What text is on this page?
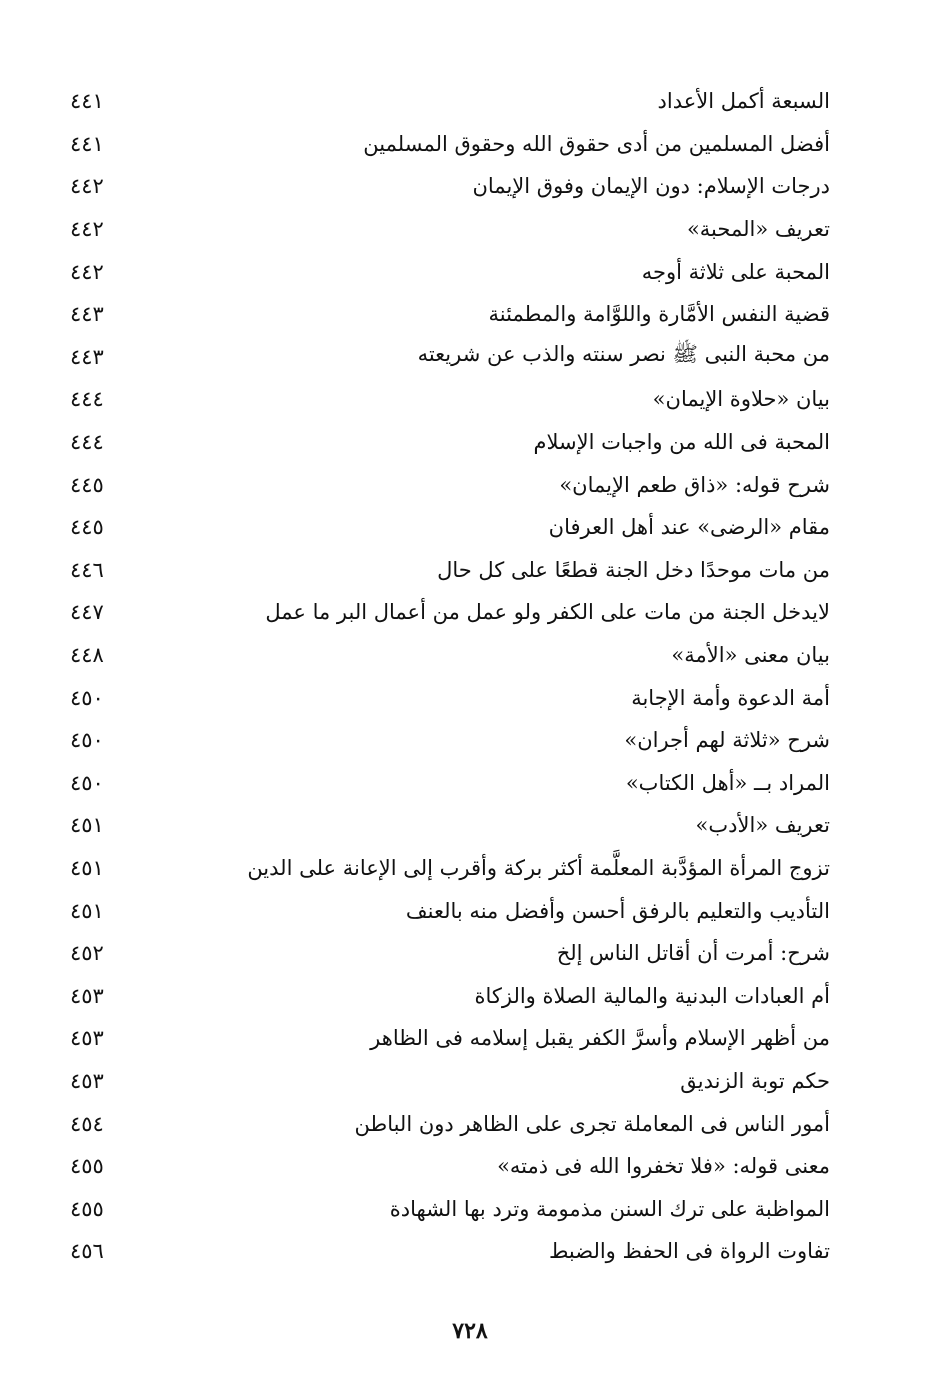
السبعة أكمل الأعداد
٤٤١
أفضل المسلمين من أدى حقوق الله وحقوق المسلمين
٤٤١
درجات الإسلام: دون الإيمان وفوق الإيمان
٤٤٢
تعريف «المحبة»
٤٤٢
المحبة على ثلاثة أوجه
٤٤٢
قضية النفس الأمَّارة واللوَّامة والمطمئنة
٤٤٣
من محبة النبى ﷺ نصر سنته والذب عن شريعته
٤٤٣
بيان «حلاوة الإيمان»
٤٤٤
المحبة فى الله من واجبات الإسلام
٤٤٤
شرح قوله: «ذاق طعم الإيمان»
٤٤٥
مقام «الرضى» عند أهل العرفان
٤٤٥
من مات موحدًا دخل الجنة قطعًا على كل حال
٤٤٦
لايدخل الجنة من مات على الكفر ولو عمل من أعمال البر ما عمل
٤٤٧
بيان معنى «الأمة»
٤٤٨
أمة الدعوة وأمة الإجابة
٤٥٠
شرح «ثلاثة لهم أجران»
٤٥٠
المراد بــ «أهل الكتاب»
٤٥٠
تعريف «الأدب»
٤٥١
تزوج المرأة المؤدَّبة المعلَّمة أكثر بركة وأقرب إلى الإعانة على الدين
٤٥١
التأديب والتعليم بالرفق أحسن وأفضل منه بالعنف
٤٥١
شرح: أمرت أن أقاتل الناس إلخ
٤٥٢
أم العبادات البدنية والمالية الصلاة والزكاة
٤٥٣
من أظهر الإسلام وأسرَّ الكفر يقبل إسلامه فى الظاهر
٤٥٣
حكم توبة الزنديق
٤٥٣
أمور الناس فى المعاملة تجرى على الظاهر دون الباطن
٤٥٤
معنى قوله: «فلا تخفروا الله فى ذمته»
٤٥٥
المواظبة على ترك السنن مذمومة وترد بها الشهادة
٤٥٥
تفاوت الرواة فى الحفظ والضبط
٤٥٦
٧٢٨
